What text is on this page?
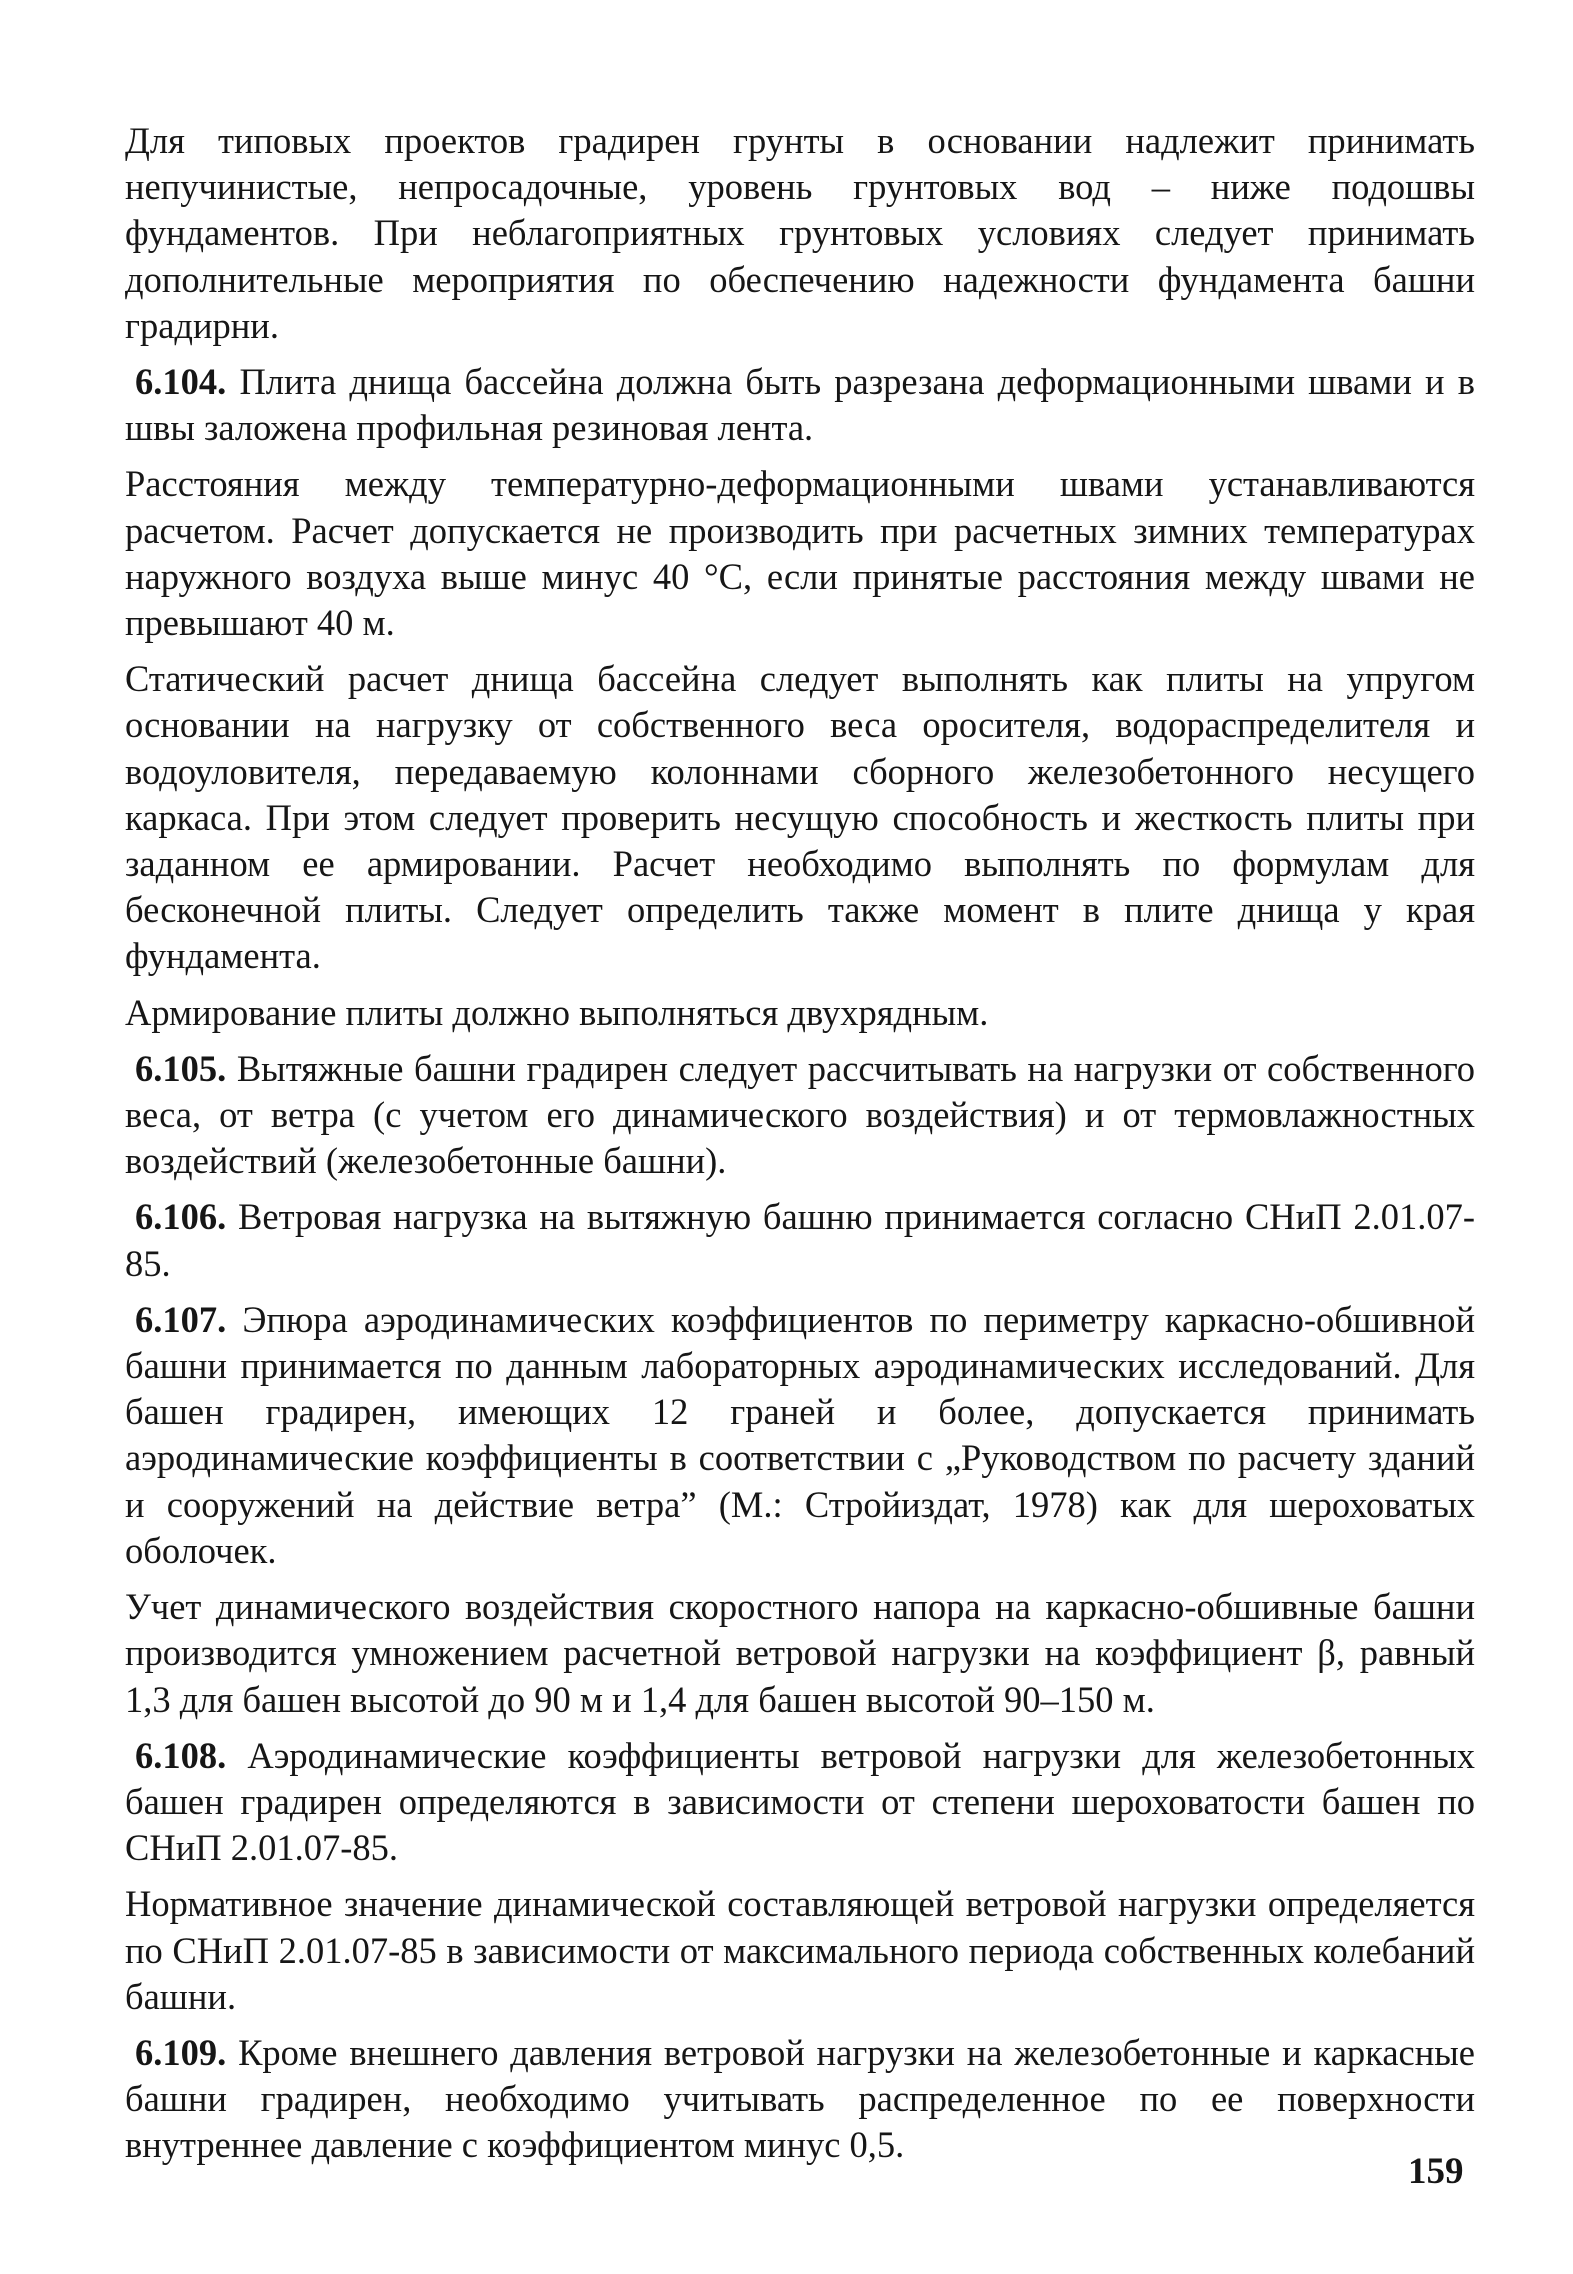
Для типовых проектов градирен грунты в основании надлежит принимать непучинистые, непросадочные, уровень грунтовых вод – ниже подошвы фундаментов. При неблагоприятных грунтовых условиях следует принимать дополнительные мероприятия по обеспечению надежности фундамента башни градирни.

6.104. Плита днища бассейна должна быть разрезана деформационными швами и в швы заложена профильная резиновая лента.

Расстояния между температурно-деформационными швами устанавливаются расчетом. Расчет допускается не производить при расчетных зимних температурах наружного воздуха выше минус 40 °С, если принятые расстояния между швами не превышают 40 м.

Статический расчет днища бассейна следует выполнять как плиты на упругом основании на нагрузку от собственного веса оросителя, водораспределителя и водоуловителя, передаваемую колоннами сборного железобетонного несущего каркаса. При этом следует проверить несущую способность и жесткость плиты при заданном ее армировании. Расчет необходимо выполнять по формулам для бесконечной плиты. Следует определить также момент в плите днища у края фундамента.

Армирование плиты должно выполняться двухрядным.

6.105. Вытяжные башни градирен следует рассчитывать на нагрузки от собственного веса, от ветра (с учетом его динамического воздействия) и от термовлажностных воздействий (железобетонные башни).

6.106. Ветровая нагрузка на вытяжную башню принимается согласно СНиП 2.01.07-85.

6.107. Эпюра аэродинамических коэффициентов по периметру каркасно-обшивной башни принимается по данным лабораторных аэродинамических исследований. Для башен градирен, имеющих 12 граней и более, допускается принимать аэродинамические коэффициенты в соответствии с „Руководством по расчету зданий и сооружений на действие ветра” (М.: Стройиздат, 1978) как для шероховатых оболочек.

Учет динамического воздействия скоростного напора на каркасно-обшивные башни производится умножением расчетной ветровой нагрузки на коэффициент β, равный 1,3 для башен высотой до 90 м и 1,4 для башен высотой 90–150 м.

6.108. Аэродинамические коэффициенты ветровой нагрузки для железобетонных башен градирен определяются в зависимости от степени шероховатости башен по СНиП 2.01.07-85.

Нормативное значение динамической составляющей ветровой нагрузки определяется по СНиП 2.01.07-85 в зависимости от максимального периода собственных колебаний башни.

6.109. Кроме внешнего давления ветровой нагрузки на железобетонные и каркасные башни градирен, необходимо учитывать распределенное по ее поверхности внутреннее давление с коэффициентом минус 0,5.

159
